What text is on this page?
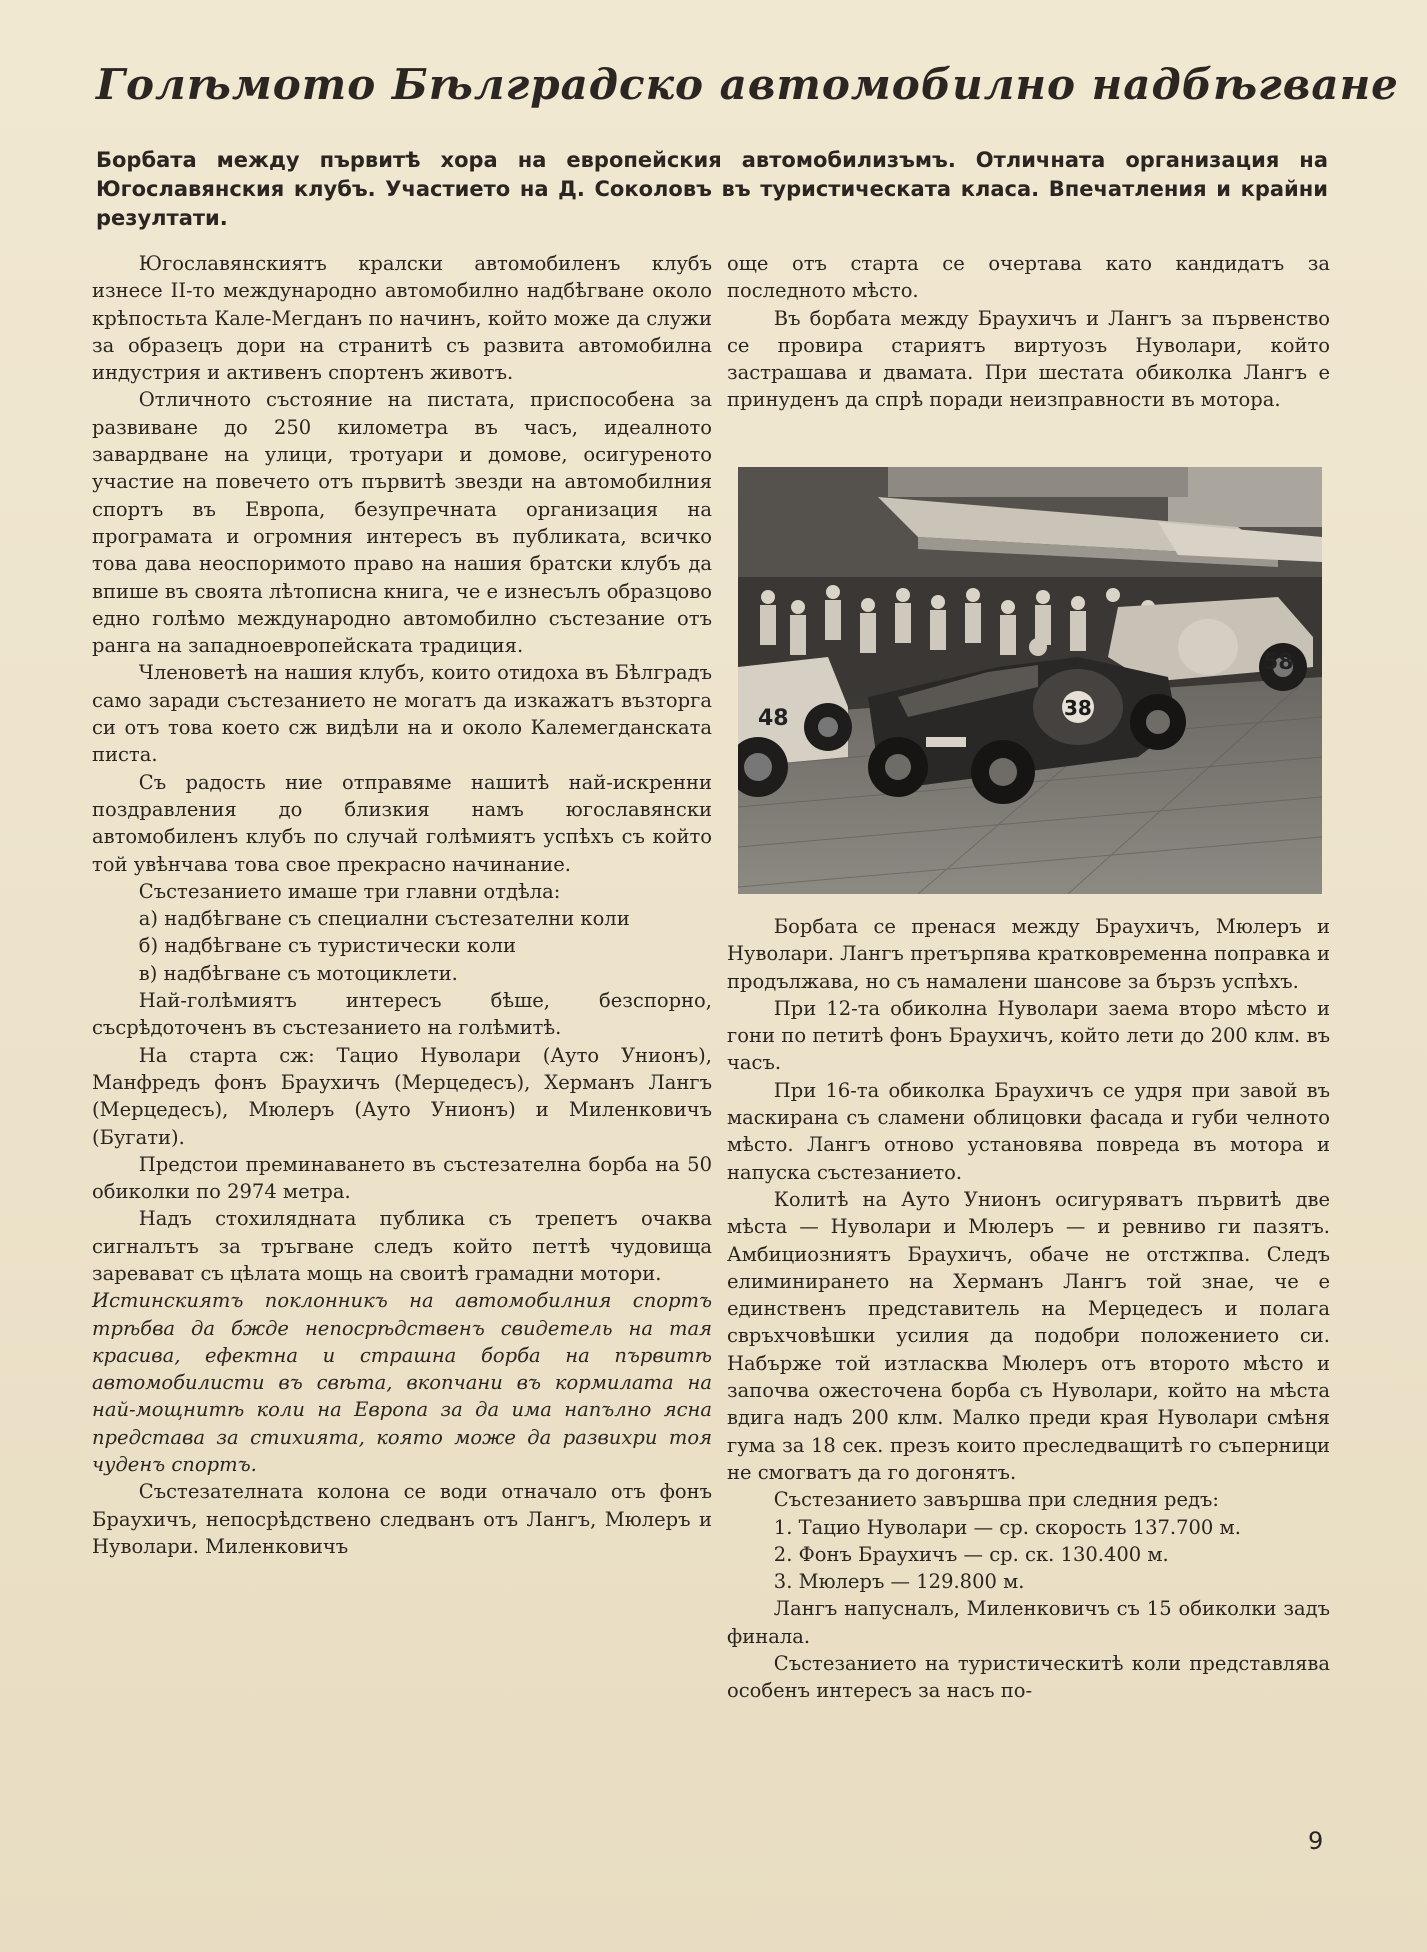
Голѣмото Бѣлградско автомобилно надбѣгване
Борбата между първитѣ хора на европейския автомобилизъмъ. Отличната организация на Югославянския клубъ. Участието на Д. Соколовъ въ туристическата класа. Впечатления и крайни резултати.

Югославянскиятъ кралски автомобиленъ клубъ изнесе II-то международно автомобилно надбѣгване около крѣпостьта Кале-Мегданъ по начинъ, който може да служи за образецъ дори на странитѣ съ развита автомобилна индустрия и активенъ спортенъ животъ.

Отличното състояние на пистата, приспособена за развиване до 250 километра въ часъ, идеалното завардване на улици, тротуари и домове, осигуреното участие на повечето отъ първитѣ звезди на автомобилния спортъ въ Европа, безупречната организация на програмата и огромния интересъ въ публиката, всичко това дава неоспоримото право на нашия братски клубъ да впише въ своята лѣтописна книга, че е изнесълъ образцово едно голѣмо международно автомобилно състезание отъ ранга на западноевропейската традиция.

Членоветѣ на нашия клубъ, които отидоха въ Бѣлградъ само заради състезанието не могатъ да изкажатъ възторга си отъ това което сж видѣли на и около Калемегданската писта.

Съ радость ние отправяме нашитѣ най-искренни поздравления до близкия намъ югославянски автомобиленъ клубъ по случай голѣмиятъ успѣхъ съ който той увѣнчава това свое прекрасно начинание.

Състезанието имаше три главни отдѣла:

а) надбѣгване съ специални състезателни коли

б) надбѣгване съ туристически коли

в) надбѣгване съ мотоциклети.

Най-голѣмиятъ интересъ бѣше, безспорно, съсрѣдоточенъ въ състезанието на голѣмитѣ.

На старта сж: Тацио Нуволари (Ауто Унионъ), Манфредъ фонъ Браухичъ (Мерцедесъ), Херманъ Лангъ (Мерцедесъ), Мюлеръ (Ауто Унионъ) и Миленковичъ (Бугати).

Предстои преминаването въ състезателна борба на 50 обиколки по 2974 метра.

Надъ стохилядната публика съ трепетъ очаква сигналътъ за тръгване следъ който петтѣ чудовища заревават съ цѣлата мощь на своитѣ грамадни мотори.

Истинскиятъ поклонникъ на автомобилния спортъ трѣбва да бжде непосрѣдственъ свидетель на тая красива, ефектна и страшна борба на първитѣ автомобилисти въ свѣта, вкопчани въ кормилата на най-мощнитѣ коли на Европа за да има напълно ясна представа за стихията, която може да развихри тоя чуденъ спортъ.

Състезателната колона се води отначало отъ фонъ Браухичъ, непосрѣдствено следванъ отъ Лангъ, Мюлеръ и Нуволари. Миленковичъ

още отъ старта се очертава като кандидатъ за последното мѣсто.

Въ борбата между Браухичъ и Лангъ за първенство се провира стариятъ виртуозъ Нуволари, който застрашава и двамата. При шестата обиколка Лангъ е принуденъ да спрѣ поради неизправности въ мотора.

48
58
38

Борбата се пренася между Браухичъ, Мюлеръ и Нуволари. Лангъ претърпява кратковременна поправка и продължава, но съ намалени шансове за бързъ успѣхъ.

При 12-та обиколна Нуволари заема второ мѣсто и гони по петитѣ фонъ Браухичъ, който лети до 200 клм. въ часъ.

При 16-та обиколка Браухичъ се удря при завой въ маскирана съ сламени облицовки фасада и губи челното мѣсто. Лангъ отново установява повреда въ мотора и напуска състезанието.

Колитѣ на Ауто Унионъ осигуряватъ първитѣ две мѣста — Нуволари и Мюлеръ — и ревниво ги пазятъ. Амбициозниятъ Браухичъ, обаче не отстжпва. Следъ елиминирането на Херманъ Лангъ той знае, че е единственъ представитель на Мерцедесъ и полага свръхчовѣшки усилия да подобри положението си. Набърже той изтласква Мюлеръ отъ второто мѣсто и започва ожесточена борба съ Нуволари, който на мѣста вдига надъ 200 клм. Малко преди края Нуволари смѣня гума за 18 сек. презъ които преследващитѣ го съперници не смогватъ да го догонятъ.

Състезанието завършва при следния редъ:

1. Тацио Нуволари — ср. скорость 137.700 м.

2. Фонъ Браухичъ — ср. ск. 130.400 м.

3. Мюлеръ — 129.800 м.

Лангъ напусналъ, Миленковичъ съ 15 обиколки задъ финала.

Състезанието на туристическитѣ коли представлява особенъ интересъ за насъ по-

9
